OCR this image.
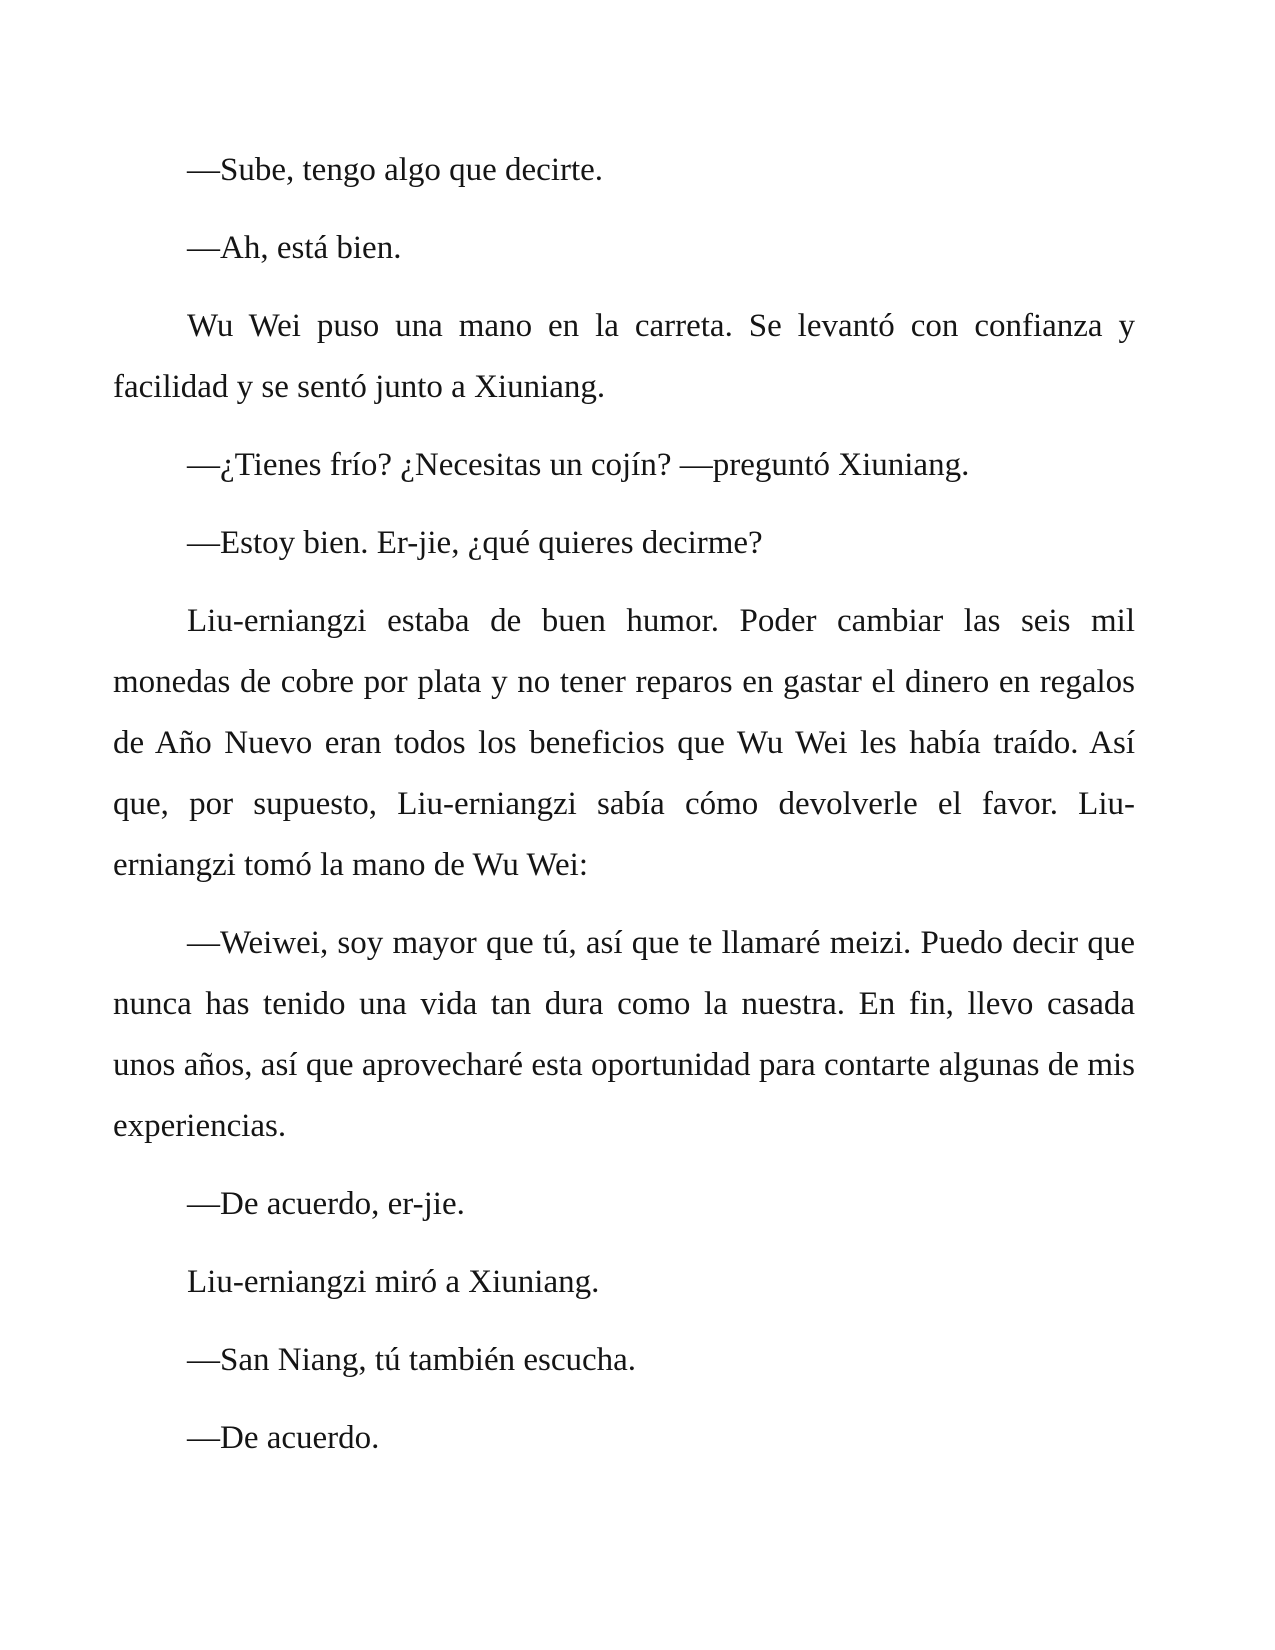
—Sube, tengo algo que decirte.

—Ah, está bien.

Wu Wei puso una mano en la carreta. Se levantó con confianza y facilidad y se sentó junto a Xiuniang.

—¿Tienes frío? ¿Necesitas un cojín? —preguntó Xiuniang.

—Estoy bien. Er-jie, ¿qué quieres decirme?

Liu-erniangzi estaba de buen humor. Poder cambiar las seis mil monedas de cobre por plata y no tener reparos en gastar el dinero en regalos de Año Nuevo eran todos los beneficios que Wu Wei les había traído. Así que, por supuesto, Liu-erniangzi sabía cómo devolverle el favor. Liu-erniangzi tomó la mano de Wu Wei:

—Weiwei, soy mayor que tú, así que te llamaré meizi. Puedo decir que nunca has tenido una vida tan dura como la nuestra. En fin, llevo casada unos años, así que aprovecharé esta oportunidad para contarte algunas de mis experiencias.

—De acuerdo, er-jie.

Liu-erniangzi miró a Xiuniang.

—San Niang, tú también escucha.

—De acuerdo.
